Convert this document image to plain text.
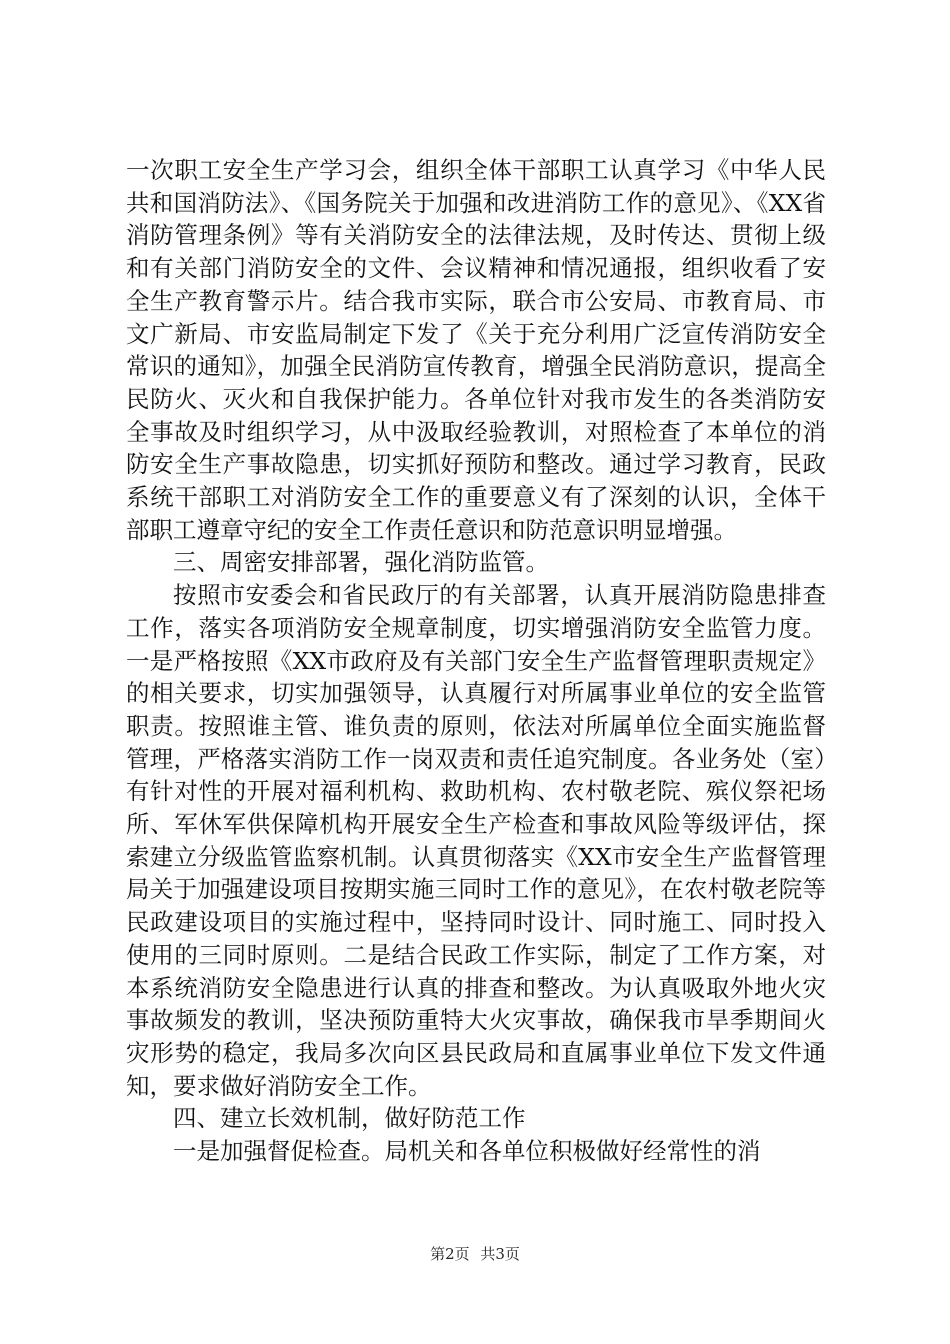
一次职工安全生产学习会，组织全体干部职工认真学习《中华人民共和国消防法》、《国务院关于加强和改进消防工作的意见》、《XX省消防管理条例》等有关消防安全的法律法规，及时传达、贯彻上级和有关部门消防安全的文件、会议精神和情况通报，组织收看了安全生产教育警示片。结合我市实际，联合市公安局、市教育局、市文广新局、市安监局制定下发了《关于充分利用广泛宣传消防安全常识的通知》，加强全民消防宣传教育，增强全民消防意识，提高全民防火、灭火和自我保护能力。各单位针对我市发生的各类消防安全事故及时组织学习，从中汲取经验教训，对照检查了本单位的消防安全生产事故隐患，切实抓好预防和整改。通过学习教育，民政系统干部职工对消防安全工作的重要意义有了深刻的认识，全体干部职工遵章守纪的安全工作责任意识和防范意识明显增强。

三、周密安排部署，强化消防监管。

按照市安委会和省民政厅的有关部署，认真开展消防隐患排查工作，落实各项消防安全规章制度，切实增强消防安全监管力度。一是严格按照《XX市政府及有关部门安全生产监督管理职责规定》的相关要求，切实加强领导，认真履行对所属事业单位的安全监管职责。按照谁主管、谁负责的原则，依法对所属单位全面实施监督管理，严格落实消防工作一岗双责和责任追究制度。各业务处（室）有针对性的开展对福利机构、救助机构、农村敬老院、殡仪祭祀场所、军休军供保障机构开展安全生产检查和事故风险等级评估，探索建立分级监管监察机制。认真贯彻落实《XX市安全生产监督管理局关于加强建设项目按期实施三同时工作的意见》，在农村敬老院等民政建设项目的实施过程中，坚持同时设计、同时施工、同时投入使用的三同时原则。二是结合民政工作实际，制定了工作方案，对本系统消防安全隐患进行认真的排查和整改。为认真吸取外地火灾事故频发的教训，坚决预防重特大火灾事故，确保我市旱季期间火灾形势的稳定，我局多次向区县民政局和直属事业单位下发文件通知，要求做好消防安全工作。

四、建立长效机制，做好防范工作

一是加强督促检查。局机关和各单位积极做好经常性的消

第2页 共3页
